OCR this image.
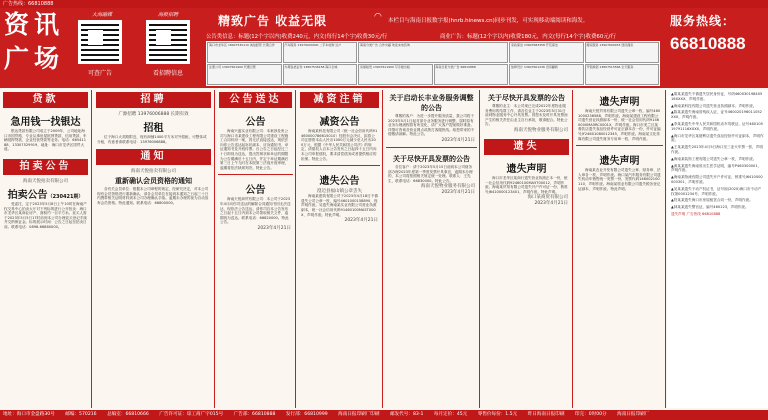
广告热线：66810888
资 讯
广 场
大海融媒
可查广告
海报招聘
看招聘信息
精致广告 收益无限	◠ 本栏目与海南日报数字报(hnrb.hinews.cn)同步刊发，可实现移动端阅读和海发。
公告类信息：标题(12个字以内)收费240元，内文(每行14个字)收费30元/行	商业广告：标题(12个字以内)收费180元，内文(每行14个字)收费60元/行
海口市龙华区 18907530110 诚信经营 长期合作	汽车服务 13976000000 二手车收购 过户	海南分类广告 合作共赢 欢迎来电咨询	家政保洁 13907683358 开荒保洁	搬家服务 13907690033 居民搬家
注册公司 13907561900 代理记账	办理各类证件 13807536158 海口全城	房屋租赁 13907611900 写字楼出租	海南日报分类广告 66810888	装修设计 13907601236 旧房翻新	开锁换锁 13807515566 全天服务
服务热线：
66810888
贷款
急用钱一找银达

银达贷款有限公司成立于2009年，公司地址海口市国贸路，专业从事房屋抵押贷款、信用贷款、车辆抵押贷款、企业经营贷款等业务。电话：66541188、13307529919，地址：海口市龙华区国贸大道。

拍卖公告
海南天悦拍卖有限公司
拍卖公告（230421期）

受委托，定于2023年5月8日上午10时在海南产权交易中心拍卖大厅对下列标的进行公开拍卖：海口市龙华区某商业房产，面积约一百平方米。竞买人需于2023年5月5日17时前到本公司办理竞买登记手续并交纳保证金。标的展示时间：公告之日起至拍卖日前。联系电话：0898-66880000。

招聘
广源招聘 13976006888 长期有效
招租

位于海口大英路附近，现有商铺1400平方米对外招租，可整体或分租，有意者请联系电话：13976006888。

通知
海南天悦拍卖有限公司
重新确认会员资格的通知

各有关会员单位：根据本公司章程的规定，经研究决定，对本公司现有会员资格进行重新确认，请各会员单位在接到本通知之日起三十日内携带相关证明材料到本公司办理确认手续。逾期未办理的视为自动放弃会员资格。特此通知。联系电话：66800000。

公告送达
公告

海南兴盛实业有限公司：本案涉及贵公司与海口市某建设工程有限公司建设工程施工合同纠纷一案，因无法直接送达，现依法向你公告送达起诉状副本、应诉通知书、举证通知书及开庭传票。自公告之日起经过三十日即视为送达，提出答辩状和举证的期限为公告期满后十五日内，并定于举证期满后第三日上午九时在本院第三法庭开庭审理，逾期将依法缺席判决。特此公告。

公告

海南天悦商贸有限公司：本公司于2023年4月向你司送达的解除合同通知书因无法送达，现依法公告送达。请你司自本公告发布之日起十五日内到本公司领取相关文件，逾期视为送达。联系电话：66820000。特此公告。

2023年4月21日
减资注销
减资公告

海南某科技有限公司（统一社会信用代码91460000786615010）经股东会决议，拟将公司注册资本由人民币1000万元减少至人民币200万元，根据《中华人民共和国公司法》的规定，请债权人自本公告发布之日起四十五日内向本公司申报债权，要求清偿债务或者提供相应的担保。特此公告。

遗失公告
澄迈县福山镇公章丢失

海南某建筑有限公司于2023年4月18日不慎遗失公司公章一枚，编号4601000158890，现声明作废。另遗失海南某实业有限公司营业执照副本，统一社会信用代码91460100MA5T000X，声明作废。特此声明。

2023年4月21日
关于启动长丰业务服务调整的公告

尊敬的客户：为进一步提升服务质量，我公司将于2023年5月1日起对部分业务服务进行调整，届时原有业务办理流程将有所变化，请广大客户提前做好准备。详情可咨询各营业网点或拨打客服热线。给您带来的不便敬请谅解。特此公告。

2023年4月21日
关于尽快开具发票的公告

各位客户：请于2023年5月15日前到本公司财务部办理2023年度第一季度发票开具事宜，逾期未办理的，本公司将按照相关规定统一处理。联系人：王先生，联系电话：66830000。特此公告。

海南天悦物业服务有限公司
2023年4月21日
关于尽快开具发票的公告

尊敬的业主：本公司现已完成2022年度物业服务费用的结算工作，请各位业主于2023年5月31日前到物业服务中心开具发票。因您未及时开具发票而产生的相关责任由业主自行承担，敬请配合。特此公告。

海南天悦物业服务有限公司
遗失
遗失声明

海口市龙华区某商行遗失营业执照正本一份，统一社会信用代码92460100MA5T00012，声明作废。海南某贸易有限公司遗失开户许可证一份，核准号J6410000123401，声明作废。特此声明。

海口某商贸有限公司
2023年4月21日
遗失声明

海南天悦贸易有限公司遗失公章一枚，编号4601000236588，声明作废。海南某建设工程有限公司遗失营业执照副本一份，统一社会信用代码91460000MA5RC0001X，声明作废。海口市美兰区某餐饮店遗失食品经营许可证正副本各一份，许可证编号JY24601080012345，声明作废。海南某文化传媒有限公司遗失财务专用章一枚，声明作废。

遗失声明

海南某农业开发有限公司遗失公章、财务章、法人章各一枚，声明作废。海口某汽车服务有限公司遗失机动车销售统一发票一份，发票代码146002100110，声明作废。海南某旅业有限公司遗失税务登记证副本，声明作废。特此声明。

▲胡某某遗失不慎遗失居民身份证，号码46003019840516XXXX，声明作废。
▲海南某科技有限公司遗失营业执照副本，声明作废。
▲陈某某遗失海南省残疾人证，证号460020196011052XXX，声明作废。
▲李某某遗失中华人民共和国机动车驾驶证，证号46010519791116XXXX，声明作废。
▲海口市龙华区某便利店遗失食品经营许可证副本，声明作废。
▲王某某遗失2023年4月5日海口至三亚火车票一张，声明作废。
▲海南某装饰工程有限公司遗失公章一枚，声明作废。
▲黄某某遗失海南省出生医学证明，编号P460300001，声明作废。
▲海南某物流有限公司遗失开户许可证，核准号J6410000000301，声明作废。
▲吴某某遗失不动产权证书，证号琼(2020)海口市不动产权第0001234号，声明作废。
▲符某某遗失海口市房屋租赁合同一份，声明作废。
▲林某某遗失警官证，编号460123，声明作废。
遗失声明 广告热线 66810888
地址：海口市金盘路30号 邮编：570216 总编室：66810666 广告许可证：琼工商广字015号 广告部：66810888 发行部：66810999 海南日报印刷厂印刷 邮发代号：83-1 每月定价：45元 零售价每份：1.5元 昨日海南日报印刷 印完：0时00分 海南日报印刷厂
